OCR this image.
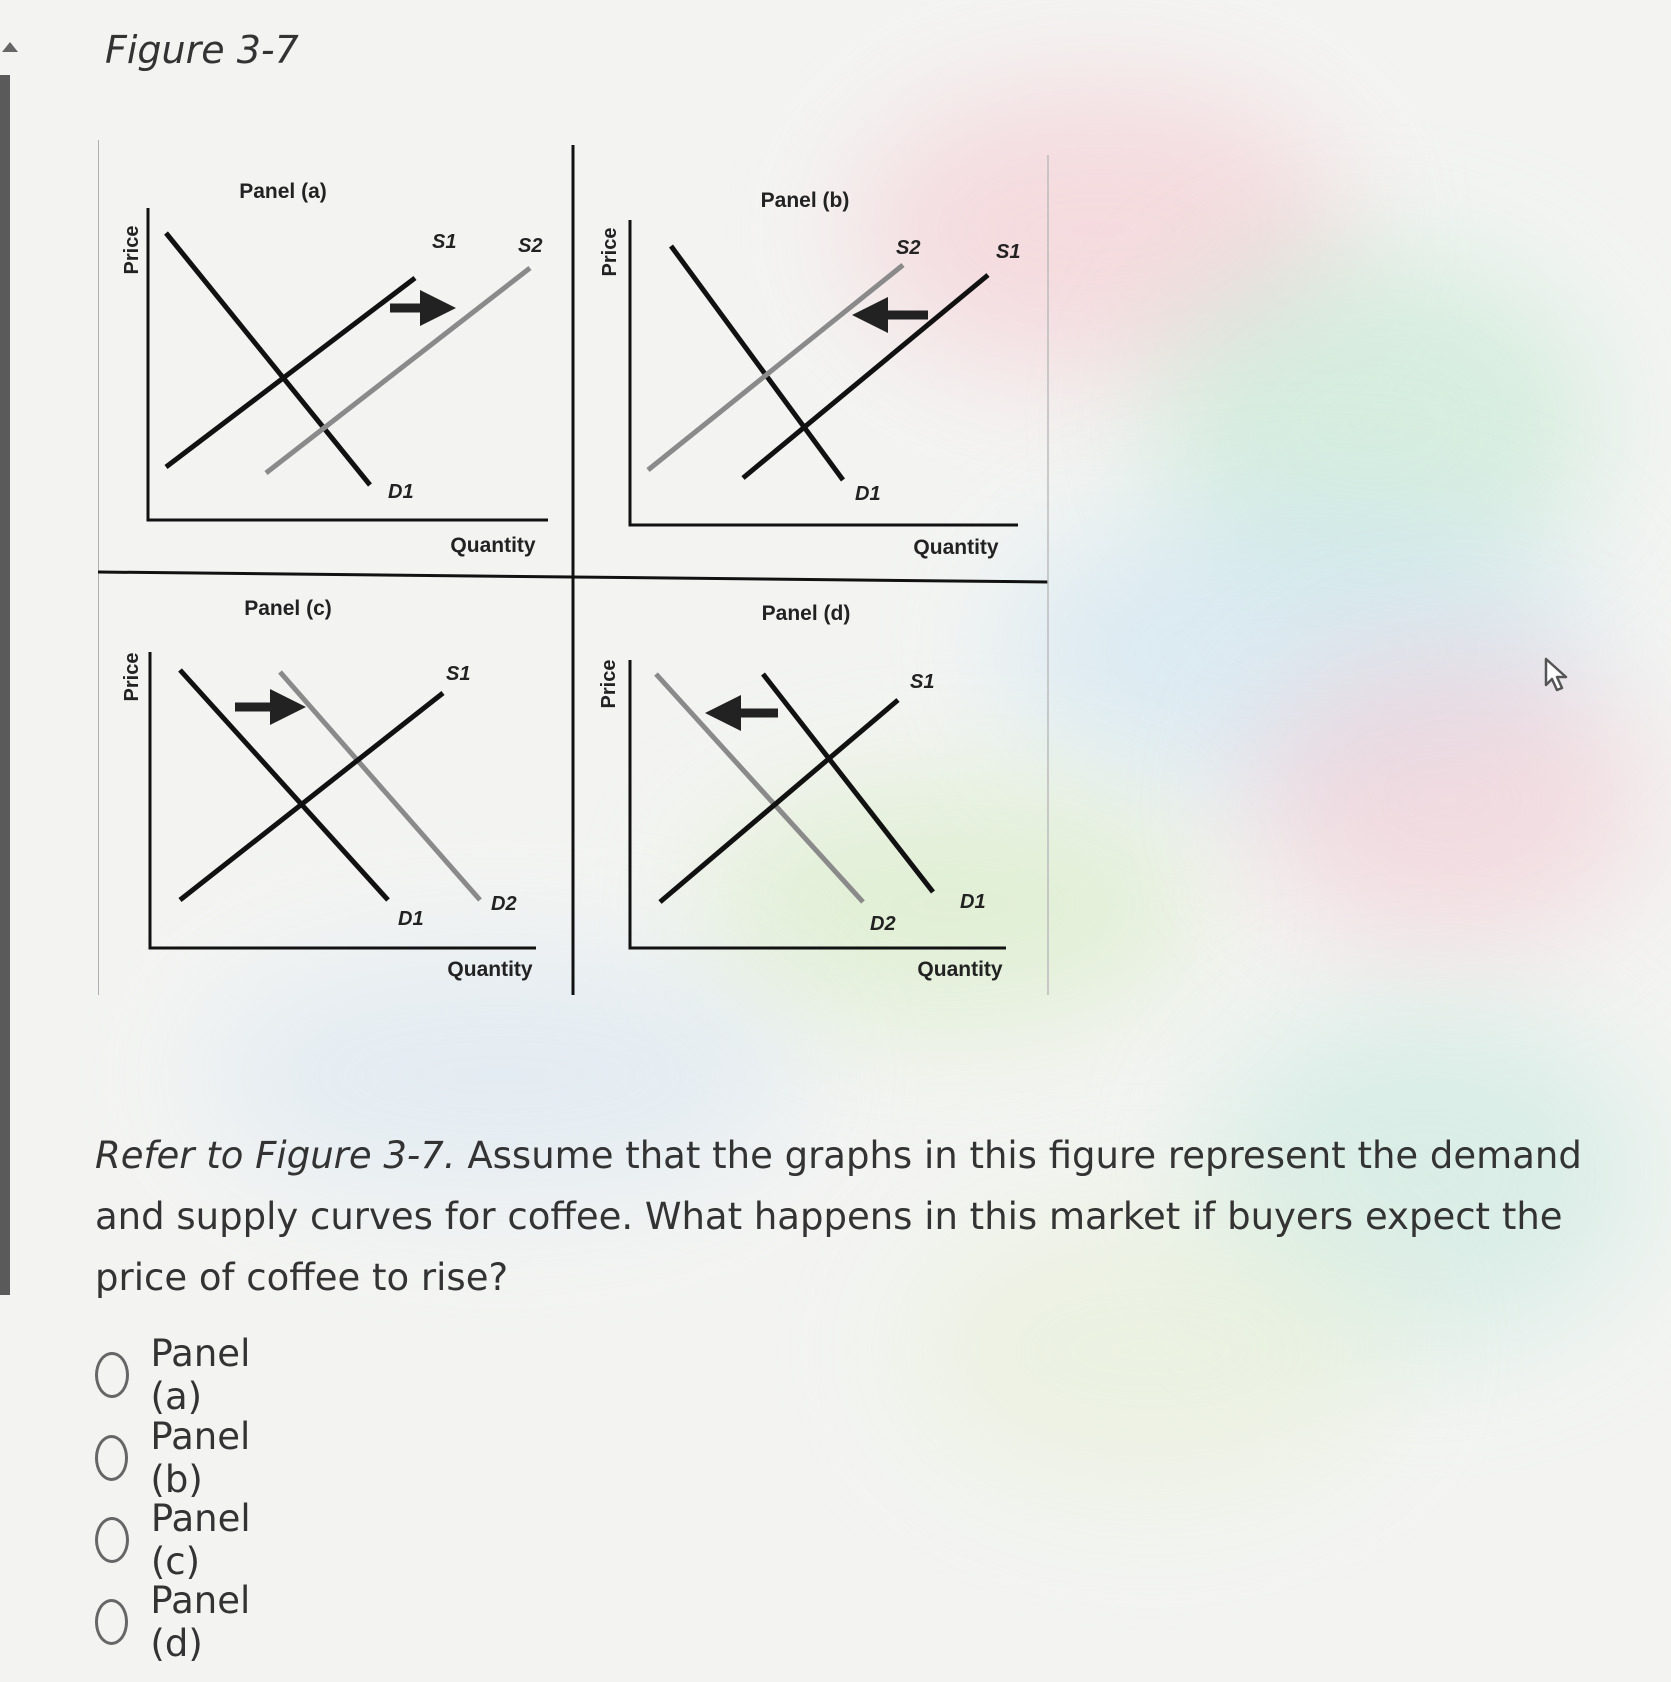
Figure 3-7
Panel (a)
Price
Quantity
D1
S1	S2
Panel (b)
Price
Quantity
D1
S1
S2
Panel (c)
Price
Quantity
D1
D2
S1
Panel (d)
Price
Quantity
D1
D2
S1
Refer to Figure 3-7. Assume that the graphs in this figure represent the demand and supply curves for coffee. What happens in this market if buyers expect the price of coffee to rise?
Panel (a)
Panel (b)
Panel (c)
Panel (d)
